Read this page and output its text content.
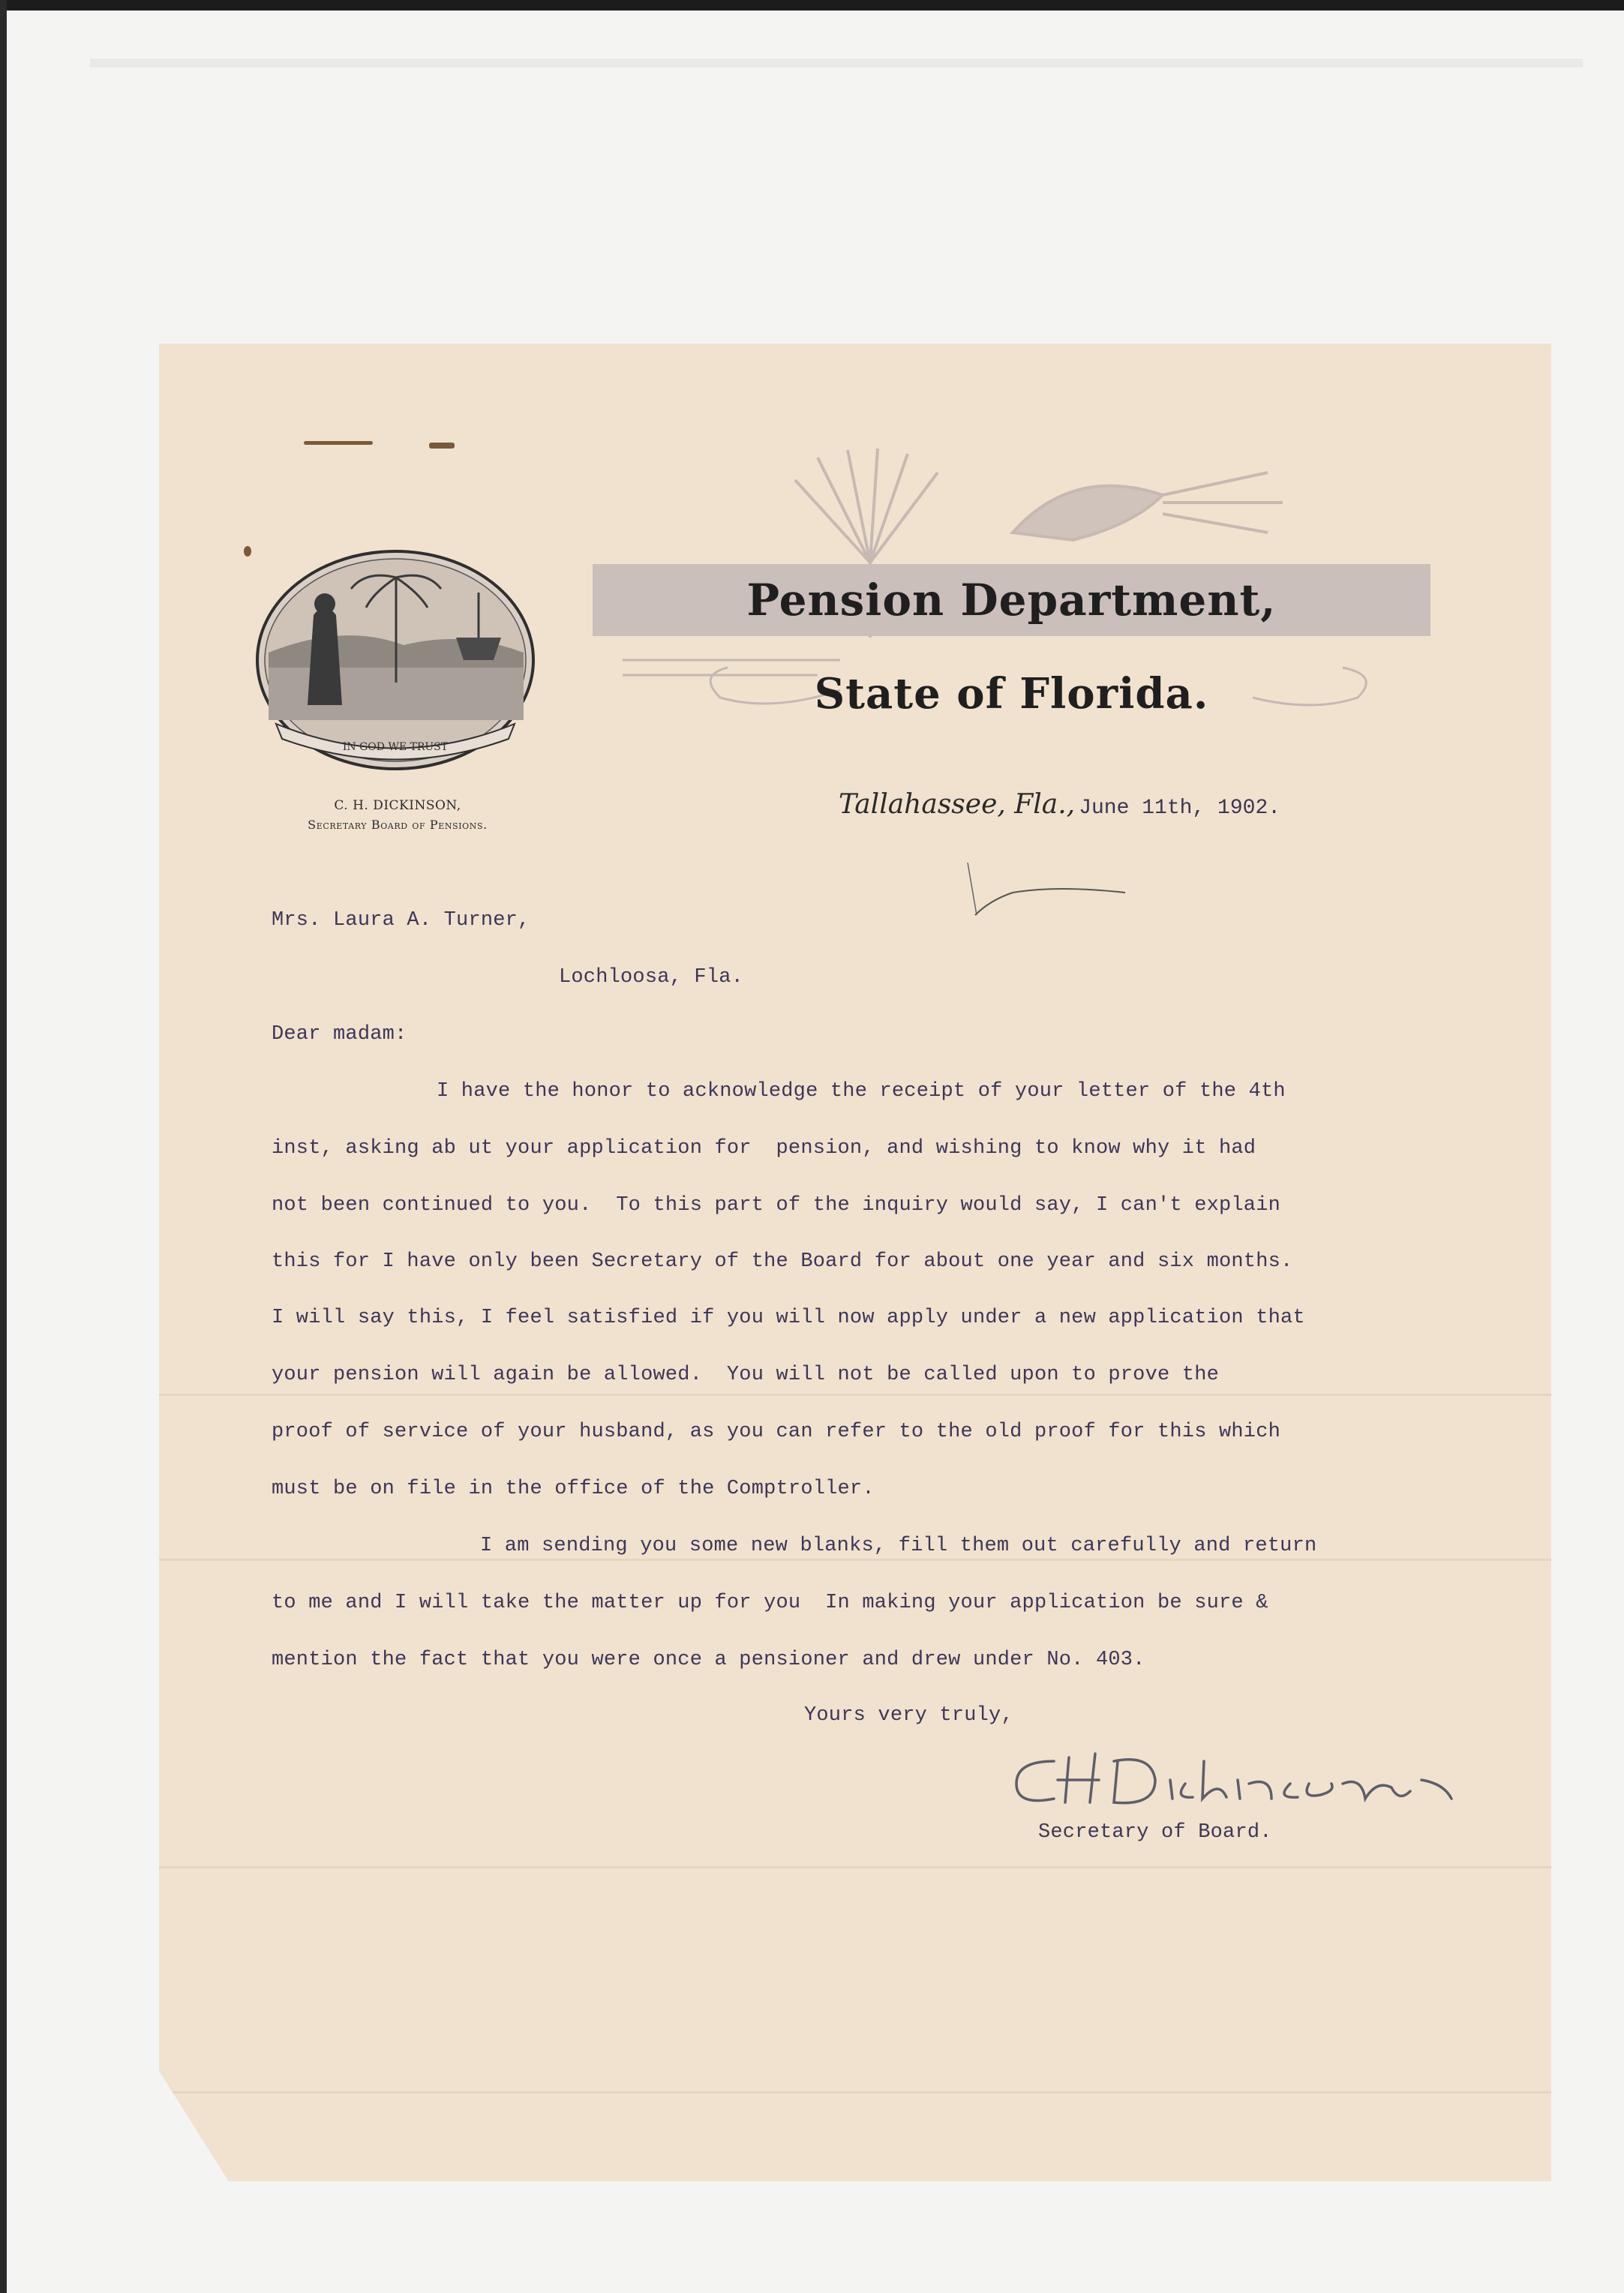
Pension Department,
State of Florida.
IN GOD WE TRUST
C. H. DICKINSON,
Secretary Board of Pensions.
Tallahassee, Fla., June 11th, 1902.
Mrs. Laura A. Turner,
Lochloosa, Fla.
Dear madam:
I have the honor to acknowledge the receipt of your letter of the 4th
inst, asking ab ut your application for  pension, and wishing to know why it had
not been continued to you.  To this part of the inquiry would say, I can't explain
this for I have only been Secretary of the Board for about one year and six months.
I will say this, I feel satisfied if you will now apply under a new application that
your pension will again be allowed.  You will not be called upon to prove the
proof of service of your husband, as you can refer to the old proof for this which
must be on file in the office of the Comptroller.
I am sending you some new blanks, fill them out carefully and return
to me and I will take the matter up for you  In making your application be sure &
mention the fact that you were once a pensioner and drew under No. 403.
Yours very truly,
Secretary of Board.
